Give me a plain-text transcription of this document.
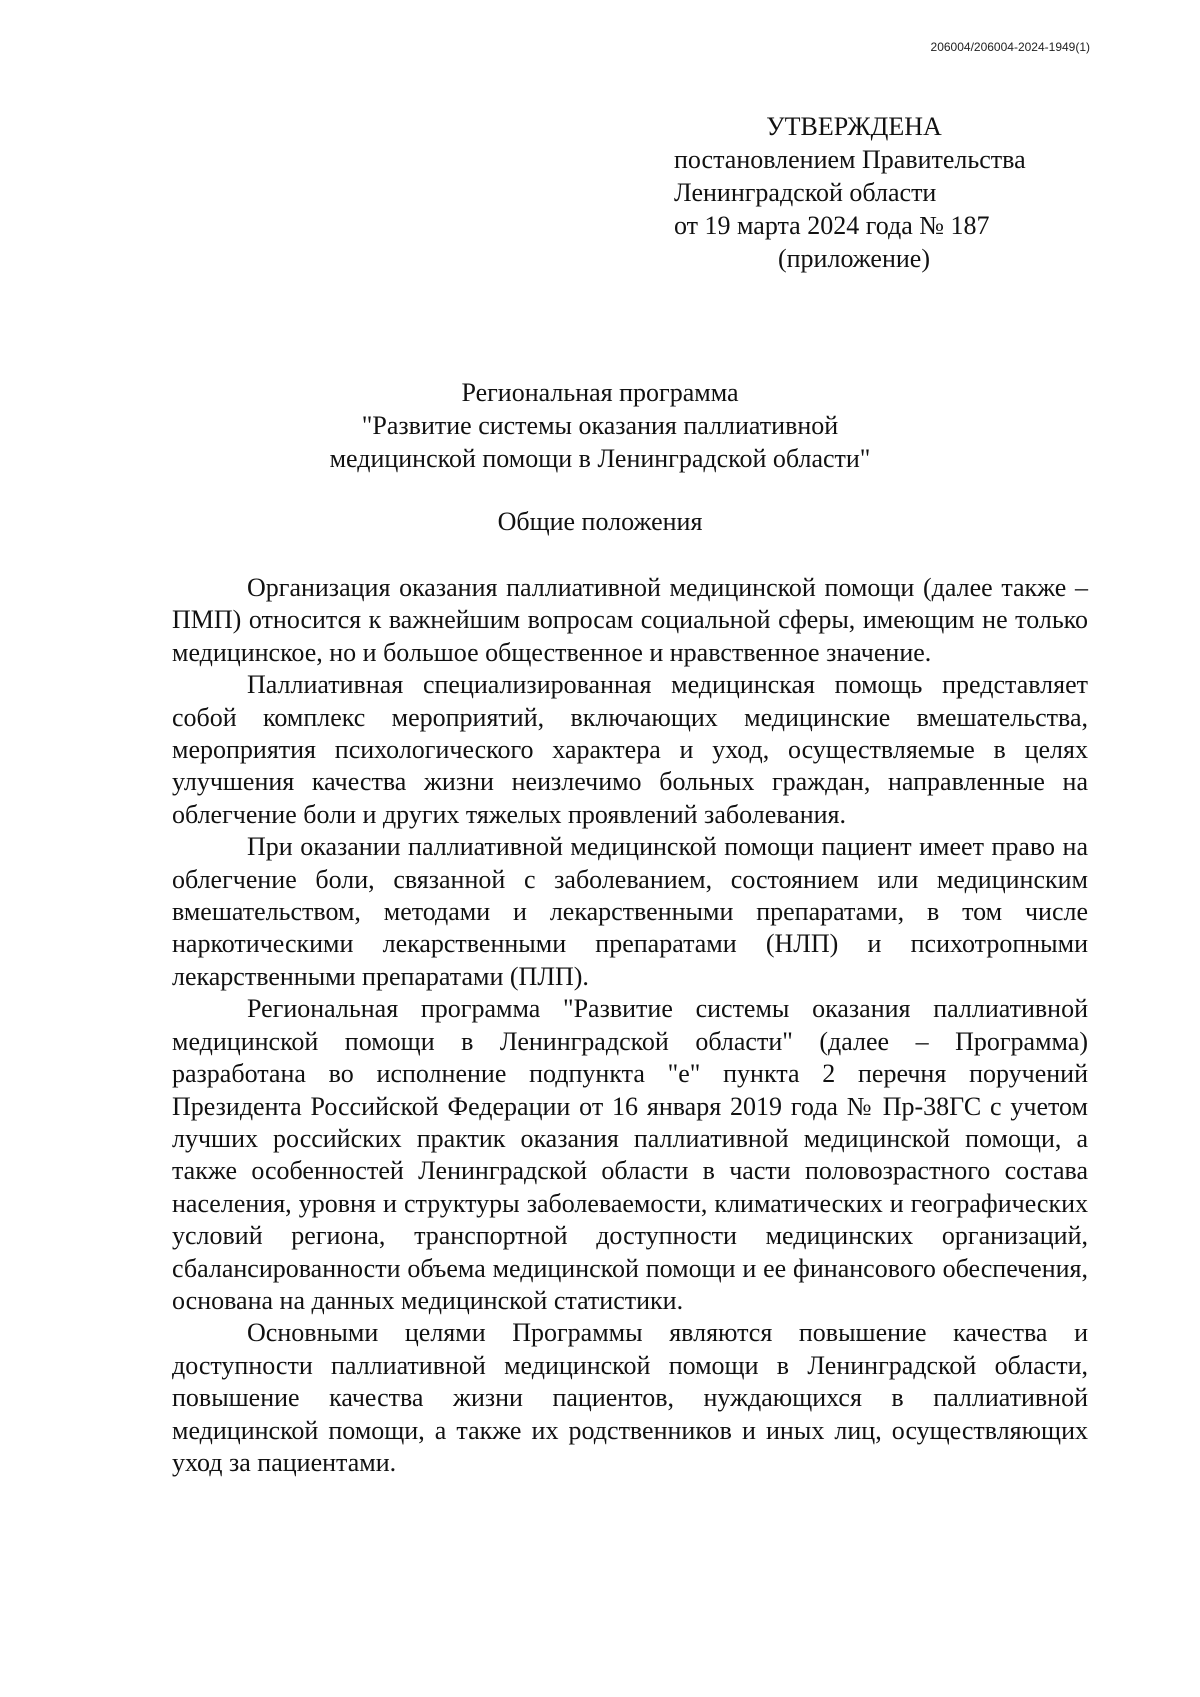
206004/206004-2024-1949(1)
УТВЕРЖДЕНА
постановлением Правительства
Ленинградской области
от 19 марта 2024 года № 187
(приложение)
Региональная программа
"Развитие системы оказания паллиативной
медицинской помощи в Ленинградской области"
Общие положения

Организация оказания паллиативной медицинской помощи (далее также – ПМП) относится к важнейшим вопросам социальной сферы, имеющим не только медицинское, но и большое общественное и нравственное значение.

Паллиативная специализированная медицинская помощь представляет собой комплекс мероприятий, включающих медицинские вмешательства, мероприятия психологического характера и уход, осуществляемые в целях улучшения качества жизни неизлечимо больных граждан, направленные на облегчение боли и других тяжелых проявлений заболевания.

При оказании паллиативной медицинской помощи пациент имеет право на облегчение боли, связанной с заболеванием, состоянием или медицинским вмешательством, методами и лекарственными препаратами, в том числе наркотическими лекарственными препаратами (НЛП) и психотропными лекарственными препаратами (ПЛП).

Региональная программа "Развитие системы оказания паллиативной медицинской помощи в Ленинградской области" (далее – Программа) разработана во исполнение подпункта "е" пункта 2 перечня поручений Президента Российской Федерации от 16 января 2019 года № Пр-38ГС с учетом лучших российских практик оказания паллиативной медицинской помощи, а также особенностей Ленинградской области в части половозрастного состава населения, уровня и структуры заболеваемости, климатических и географических условий региона, транспортной доступности медицинских организаций, сбалансированности объема медицинской помощи и ее финансового обеспечения, основана на данных медицинской статистики.

Основными целями Программы являются повышение качества и доступности паллиативной медицинской помощи в Ленинградской области, повышение качества жизни пациентов, нуждающихся в паллиативной медицинской помощи, а также их родственников и иных лиц, осуществляющих уход за пациентами.
